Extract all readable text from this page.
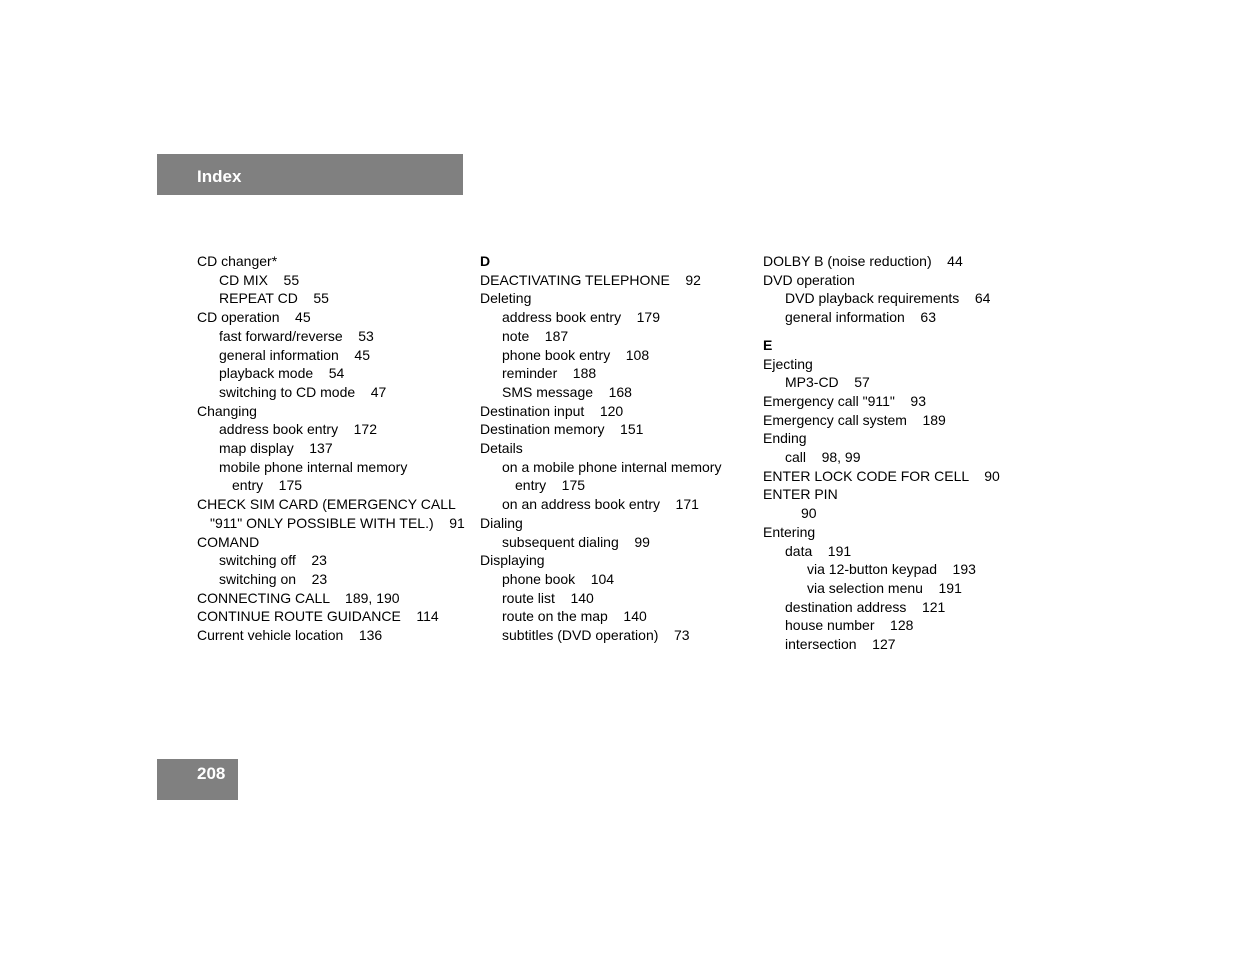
Index
CD changer*
CD MIX    55
REPEAT CD    55
CD operation    45
fast forward/reverse    53
general information    45
playback mode    54
switching to CD mode    47
Changing
address book entry    172
map display    137
mobile phone internal memory
entry    175
CHECK SIM CARD (EMERGENCY CALL
"911" ONLY POSSIBLE WITH TEL.)    91
COMAND
switching off    23
switching on    23
CONNECTING CALL    189, 190
CONTINUE ROUTE GUIDANCE    114
Current vehicle location    136
D
DEACTIVATING TELEPHONE    92
Deleting
address book entry    179
note    187
phone book entry    108
reminder    188
SMS message    168
Destination input    120
Destination memory    151
Details
on a mobile phone internal memory
entry    175
on an address book entry    171
Dialing
subsequent dialing    99
Displaying
phone book    104
route list    140
route on the map    140
subtitles (DVD operation)    73
DOLBY B (noise reduction)    44
DVD operation
DVD playback requirements    64
general information    63
E
Ejecting
MP3-CD    57
Emergency call "911"    93
Emergency call system    189
Ending
call    98, 99
ENTER LOCK CODE FOR CELL    90
ENTER PIN
90
Entering
data    191
via 12-button keypad    193
via selection menu    191
destination address    121
house number    128
intersection    127
208
